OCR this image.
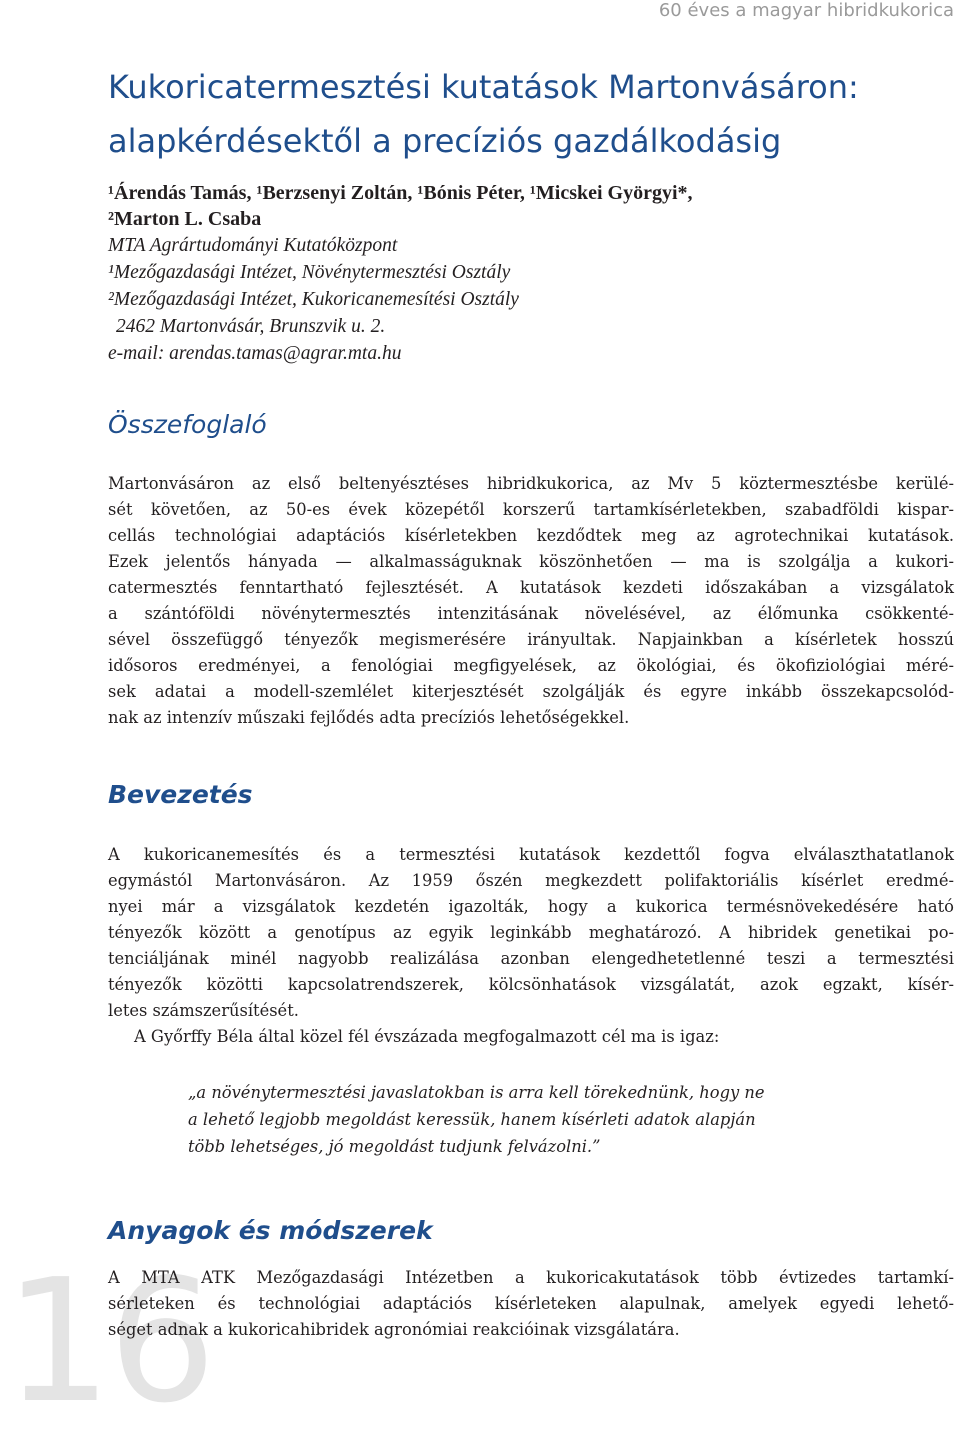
16
60 éves a magyar hibridkukorica
Kukoricatermesztési kutatások Martonvásáron:
alapkérdésektől a precíziós gazdálkodásig
¹Árendás Tamás, ¹Berzsenyi Zoltán, ¹Bónis Péter, ¹Micskei Györgyi*,
²Marton L. Csaba
MTA Agrártudományi Kutatóközpont
¹Mezőgazdasági Intézet, Növénytermesztési Osztály
²Mezőgazdasági Intézet, Kukoricanemesítési Osztály
2462 Martonvásár, Brunszvik u. 2.
e-mail: arendas.tamas@agrar.mta.hu
Összefoglaló
Martonvásáron az első beltenyésztéses hibridkukorica, az Mv 5 köztermesztésbe kerülé-
sét követően, az 50-es évek közepétől korszerű tartamkísérletekben, szabadföldi kispar-
cellás technológiai adaptációs kísérletekben kezdődtek meg az agrotechnikai kutatások.
Ezek jelentős hányada — alkalmasságuknak köszönhetően — ma is szolgálja a kukori-
catermesztés fenntartható fejlesztését. A kutatások kezdeti időszakában a vizsgálatok
a szántóföldi növénytermesztés intenzitásának növelésével, az élőmunka csökkenté-
sével összefüggő tényezők megismerésére irányultak. Napjainkban a kísérletek hosszú
idősoros eredményei, a fenológiai megfigyelések, az ökológiai, és ökofiziológiai méré-
sek adatai a modell-szemlélet kiterjesztését szolgálják és egyre inkább összekapcsolód-
nak az intenzív műszaki fejlődés adta precíziós lehetőségekkel.
Bevezetés
A kukoricanemesítés és a termesztési kutatások kezdettől fogva elválaszthatatlanok
egymástól Martonvásáron. Az 1959 őszén megkezdett polifaktoriális kísérlet eredmé-
nyei már a vizsgálatok kezdetén igazolták, hogy a kukorica termésnövekedésére ható
tényezők között a genotípus az egyik leginkább meghatározó. A hibridek genetikai po-
tenciáljának minél nagyobb realizálása azonban elengedhetetlenné teszi a termesztési
tényezők közötti kapcsolatrendszerek, kölcsönhatások vizsgálatát, azok egzakt, kísér-
letes számszerűsítését.
A Győrffy Béla által közel fél évszázada megfogalmazott cél ma is igaz:
„a növénytermesztési javaslatokban is arra kell törekednünk, hogy ne
a lehető legjobb megoldást keressük, hanem kísérleti adatok alapján
több lehetséges, jó megoldást tudjunk felvázolni.”
Anyagok és módszerek
A MTA ATK Mezőgazdasági Intézetben a kukoricakutatások több évtizedes tartamkí-
sérleteken és technológiai adaptációs kísérleteken alapulnak, amelyek egyedi lehető-
séget adnak a kukoricahibridek agronómiai reakcióinak vizsgálatára.
